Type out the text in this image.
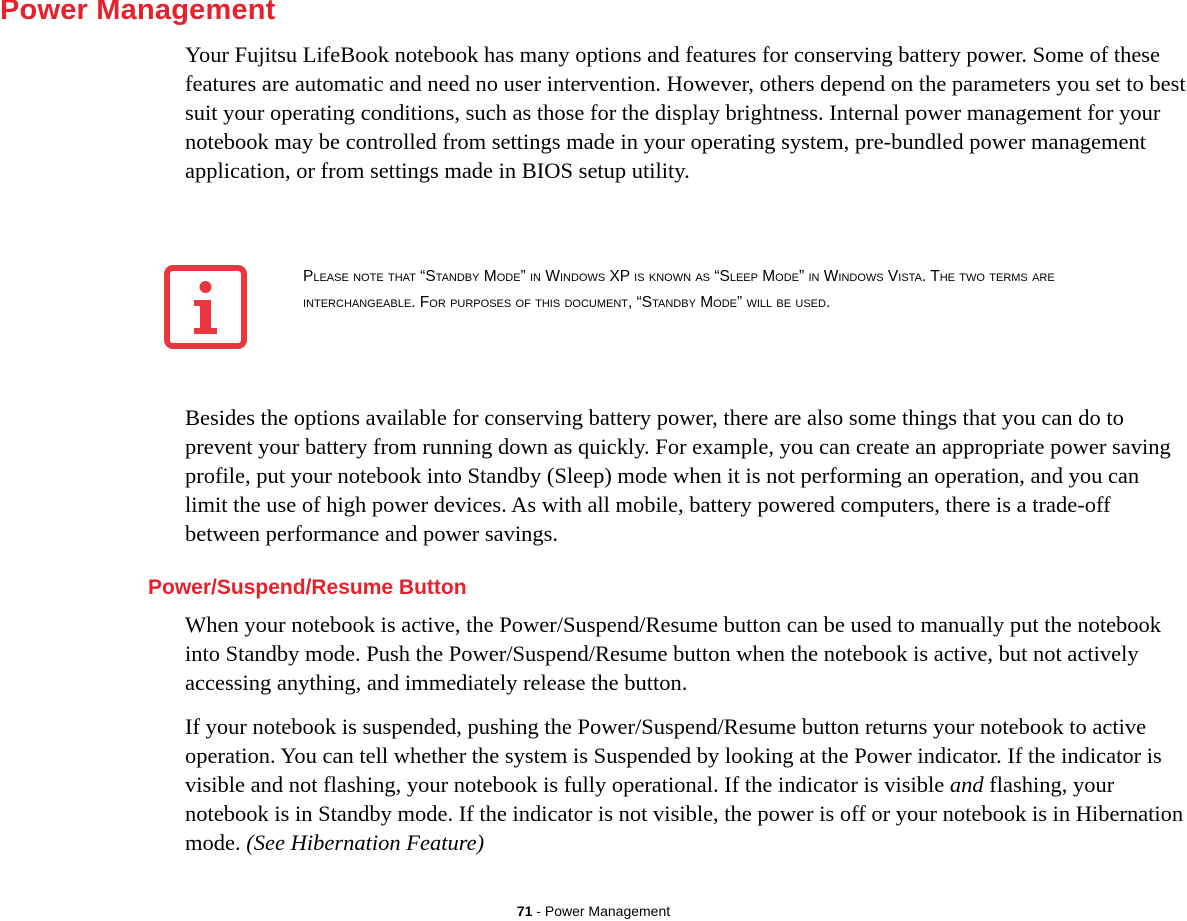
Power Management

Your Fujitsu LifeBook notebook has many options and features for conserving battery power. Some of these features are automatic and need no user intervention. However, others depend on the parameters you set to best suit your operating conditions, such as those for the display brightness. Internal power management for your notebook may be controlled from settings made in your operating system, pre-bundled power management application, or from settings made in BIOS setup utility.

Please note that “Standby Mode” in Windows XP is known as “Sleep Mode” in Windows Vista. The two terms are interchangeable. For purposes of this document, “Standby Mode” will be used.

Besides the options available for conserving battery power, there are also some things that you can do to prevent your battery from running down as quickly. For example, you can create an appropriate power saving profile, put your notebook into Standby (Sleep) mode when it is not performing an operation, and you can limit the use of high power devices. As with all mobile, battery powered computers, there is a trade-off between performance and power savings.

Power/Suspend/Resume Button

When your notebook is active, the Power/Suspend/Resume button can be used to manually put the notebook into Standby mode. Push the Power/Suspend/Resume button when the notebook is active, but not actively accessing anything, and immediately release the button.

If your notebook is suspended, pushing the Power/Suspend/Resume button returns your notebook to active operation. You can tell whether the system is Suspended by looking at the Power indicator. If the indicator is visible and not flashing, your notebook is fully operational. If the indicator is visible and flashing, your notebook is in Standby mode. If the indicator is not visible, the power is off or your notebook is in Hibernation mode. (See Hibernation Feature)

71 - Power Management
